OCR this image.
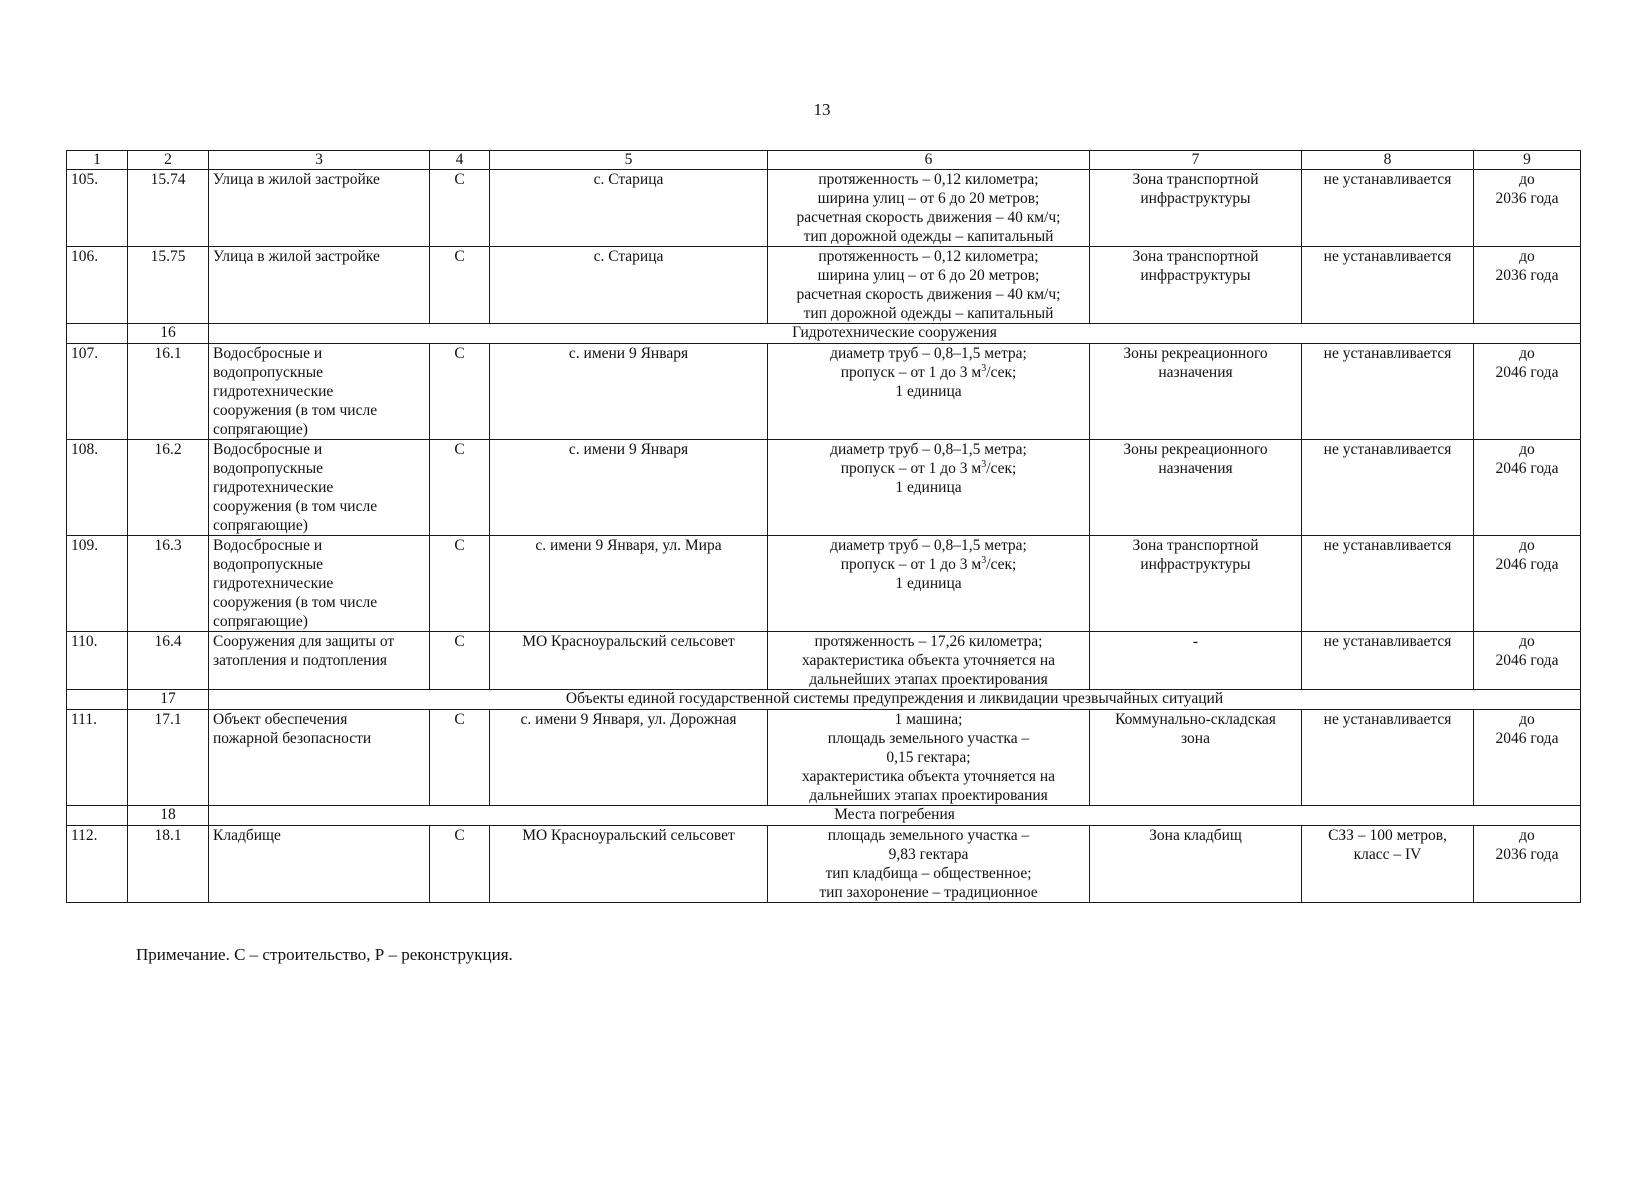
13
1	2	3	4	5	6	7	8	9
105.	15.74	Улица в жилой застройке	С	с. Старица	протяженность – 0,12 километра;
ширина улиц – от 6 до 20 метров;
расчетная скорость движения – 40 км/ч;
тип дорожной одежды – капитальный	Зона транспортной
инфраструктуры	не устанавливается	до
2036 года
106.	15.75	Улица в жилой застройке	С	с. Старица	протяженность – 0,12 километра;
ширина улиц – от 6 до 20 метров;
расчетная скорость движения – 40 км/ч;
тип дорожной одежды – капитальный	Зона транспортной
инфраструктуры	не устанавливается	до
2036 года
	16	Гидротехнические сооружения						
107.	16.1	Водосбросные и
водопропускные
гидротехнические
сооружения (в том числе
сопрягающие)	С	с. имени 9 Января	диаметр труб – 0,8–1,5 метра;
пропуск – от 1 до 3 $м^3$/сек;
1 единица	Зоны рекреационного
назначения	не устанавливается	до
2046 года
108.	16.2	Водосбросные и
водопропускные
гидротехнические
сооружения (в том числе
сопрягающие)	С	с. имени 9 Января	диаметр труб – 0,8–1,5 метра;
пропуск – от 1 до 3 $м^3$/сек;
1 единица	Зоны рекреационного
назначения	не устанавливается	до
2046 года
109.	16.3	Водосбросные и
водопропускные
гидротехнические
сооружения (в том числе
сопрягающие)	С	с. имени 9 Января, ул. Мира	диаметр труб – 0,8–1,5 метра;
пропуск – от 1 до 3 $м^3$/сек;
1 единица	Зона транспортной
инфраструктуры	не устанавливается	до
2046 года
110.	16.4	Сооружения для защиты от
затопления и подтопления	С	МО Красноуральский сельсовет	протяженность – 17,26 километра;
характеристика объекта уточняется на
дальнейших этапах проектирования	-	не устанавливается	до
2046 года
	17	Объекты единой государственной системы предупреждения и ликвидации чрезвычайных ситуаций						
111.	17.1	Объект обеспечения
пожарной безопасности	С	с. имени 9 Января, ул. Дорожная	1 машина;
площадь земельного участка –
0,15 гектара;
характеристика объекта уточняется на
дальнейших этапах проектирования	Коммунально-складская
зона	не устанавливается	до
2046 года
	18	Места погребения						
112.	18.1	Кладбище	С	МО Красноуральский сельсовет	площадь земельного участка –
9,83 гектара
тип кладбища – общественное;
тип захоронение – традиционное	Зона кладбищ	СЗЗ – 100 метров,
класс – IV	до
2036 года
Примечание. С – строительство, Р – реконструкция.
